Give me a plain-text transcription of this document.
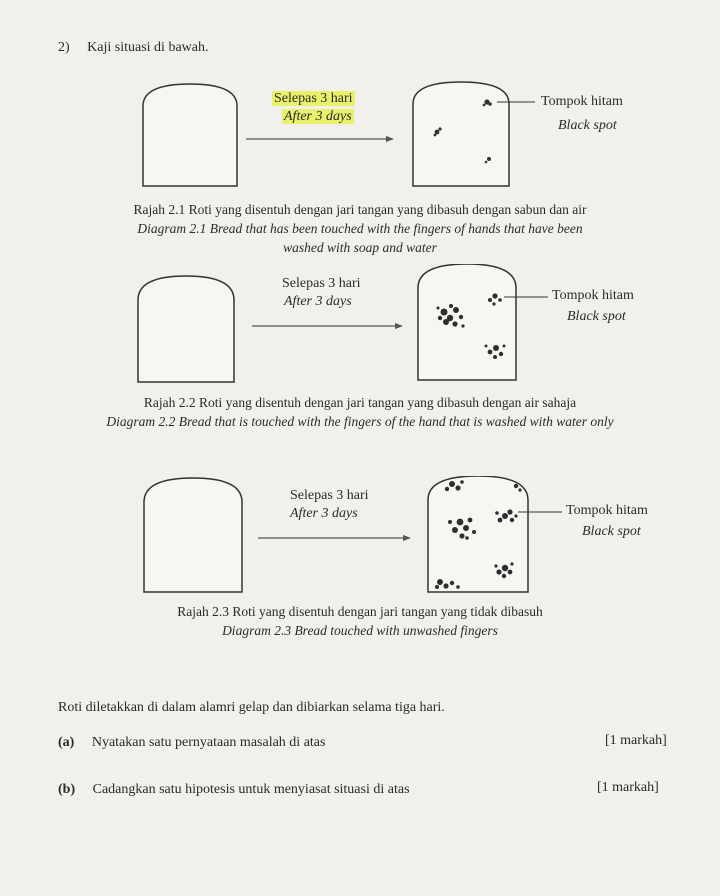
2) Kaji situasi di bawah.
Selepas 3 hari
After 3 days
Tompok hitam
Black spot
Rajah 2.1 Roti yang disentuh dengan jari tangan yang dibasuh dengan sabun dan air
Diagram 2.1 Bread that has been touched with the fingers of hands that have been
washed with soap and water
Selepas 3 hari
After 3 days	Tompok hitam
Black spot
Rajah 2.2 Roti yang disentuh dengan jari tangan yang dibasuh dengan air sahaja
Diagram 2.2 Bread that is touched with the fingers of the hand that is washed with water only
Selepas 3 hari
After 3 days	Tompok hitam
Black spot
Rajah 2.3 Roti yang disentuh dengan jari tangan yang tidak dibasuh
Diagram 2.3 Bread touched with unwashed fingers
Roti diletakkan di dalam alamri gelap dan dibiarkan selama tiga hari.
(a) Nyatakan satu pernyataan masalah di atas	[1 markah]
(b) Cadangkan satu hipotesis untuk menyiasat situasi di atas	[1 markah]
